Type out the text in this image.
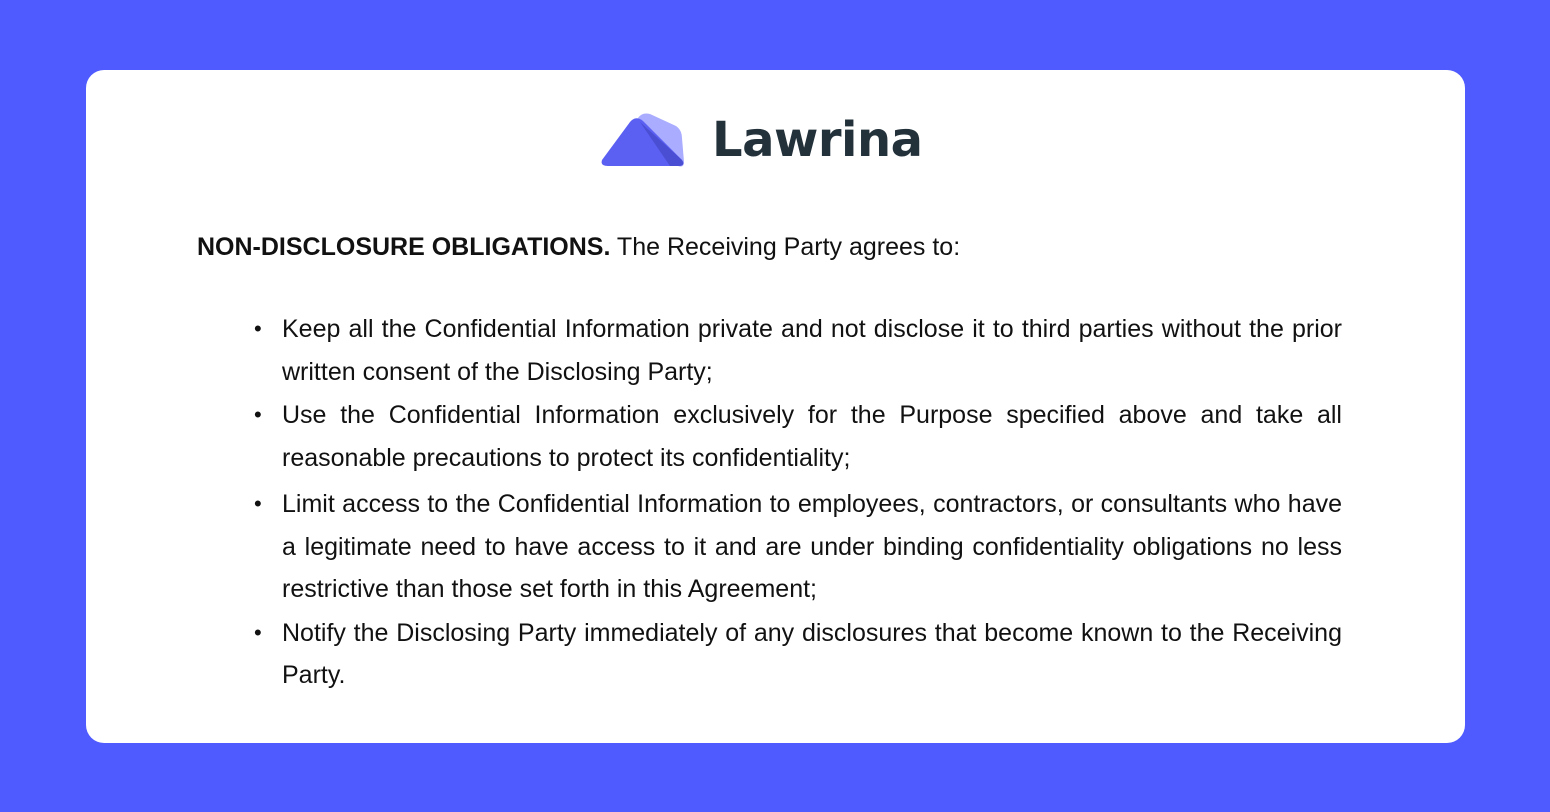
Lawrina

NON-DISCLOSURE OBLIGATIONS. The Receiving Party agrees to:

• Keep all the Confidential Information private and not disclose it to third parties without the prior written consent of the Disclosing Party;
• Use the Confidential Information exclusively for the Purpose specified above and take all reasonable precautions to protect its confidentiality;
• Limit access to the Confidential Information to employees, contractors, or consultants who have a legitimate need to have access to it and are under binding confidentiality obligations no less restrictive than those set forth in this Agreement;
• Notify the Disclosing Party immediately of any disclosures that become known to the Receiving Party.
